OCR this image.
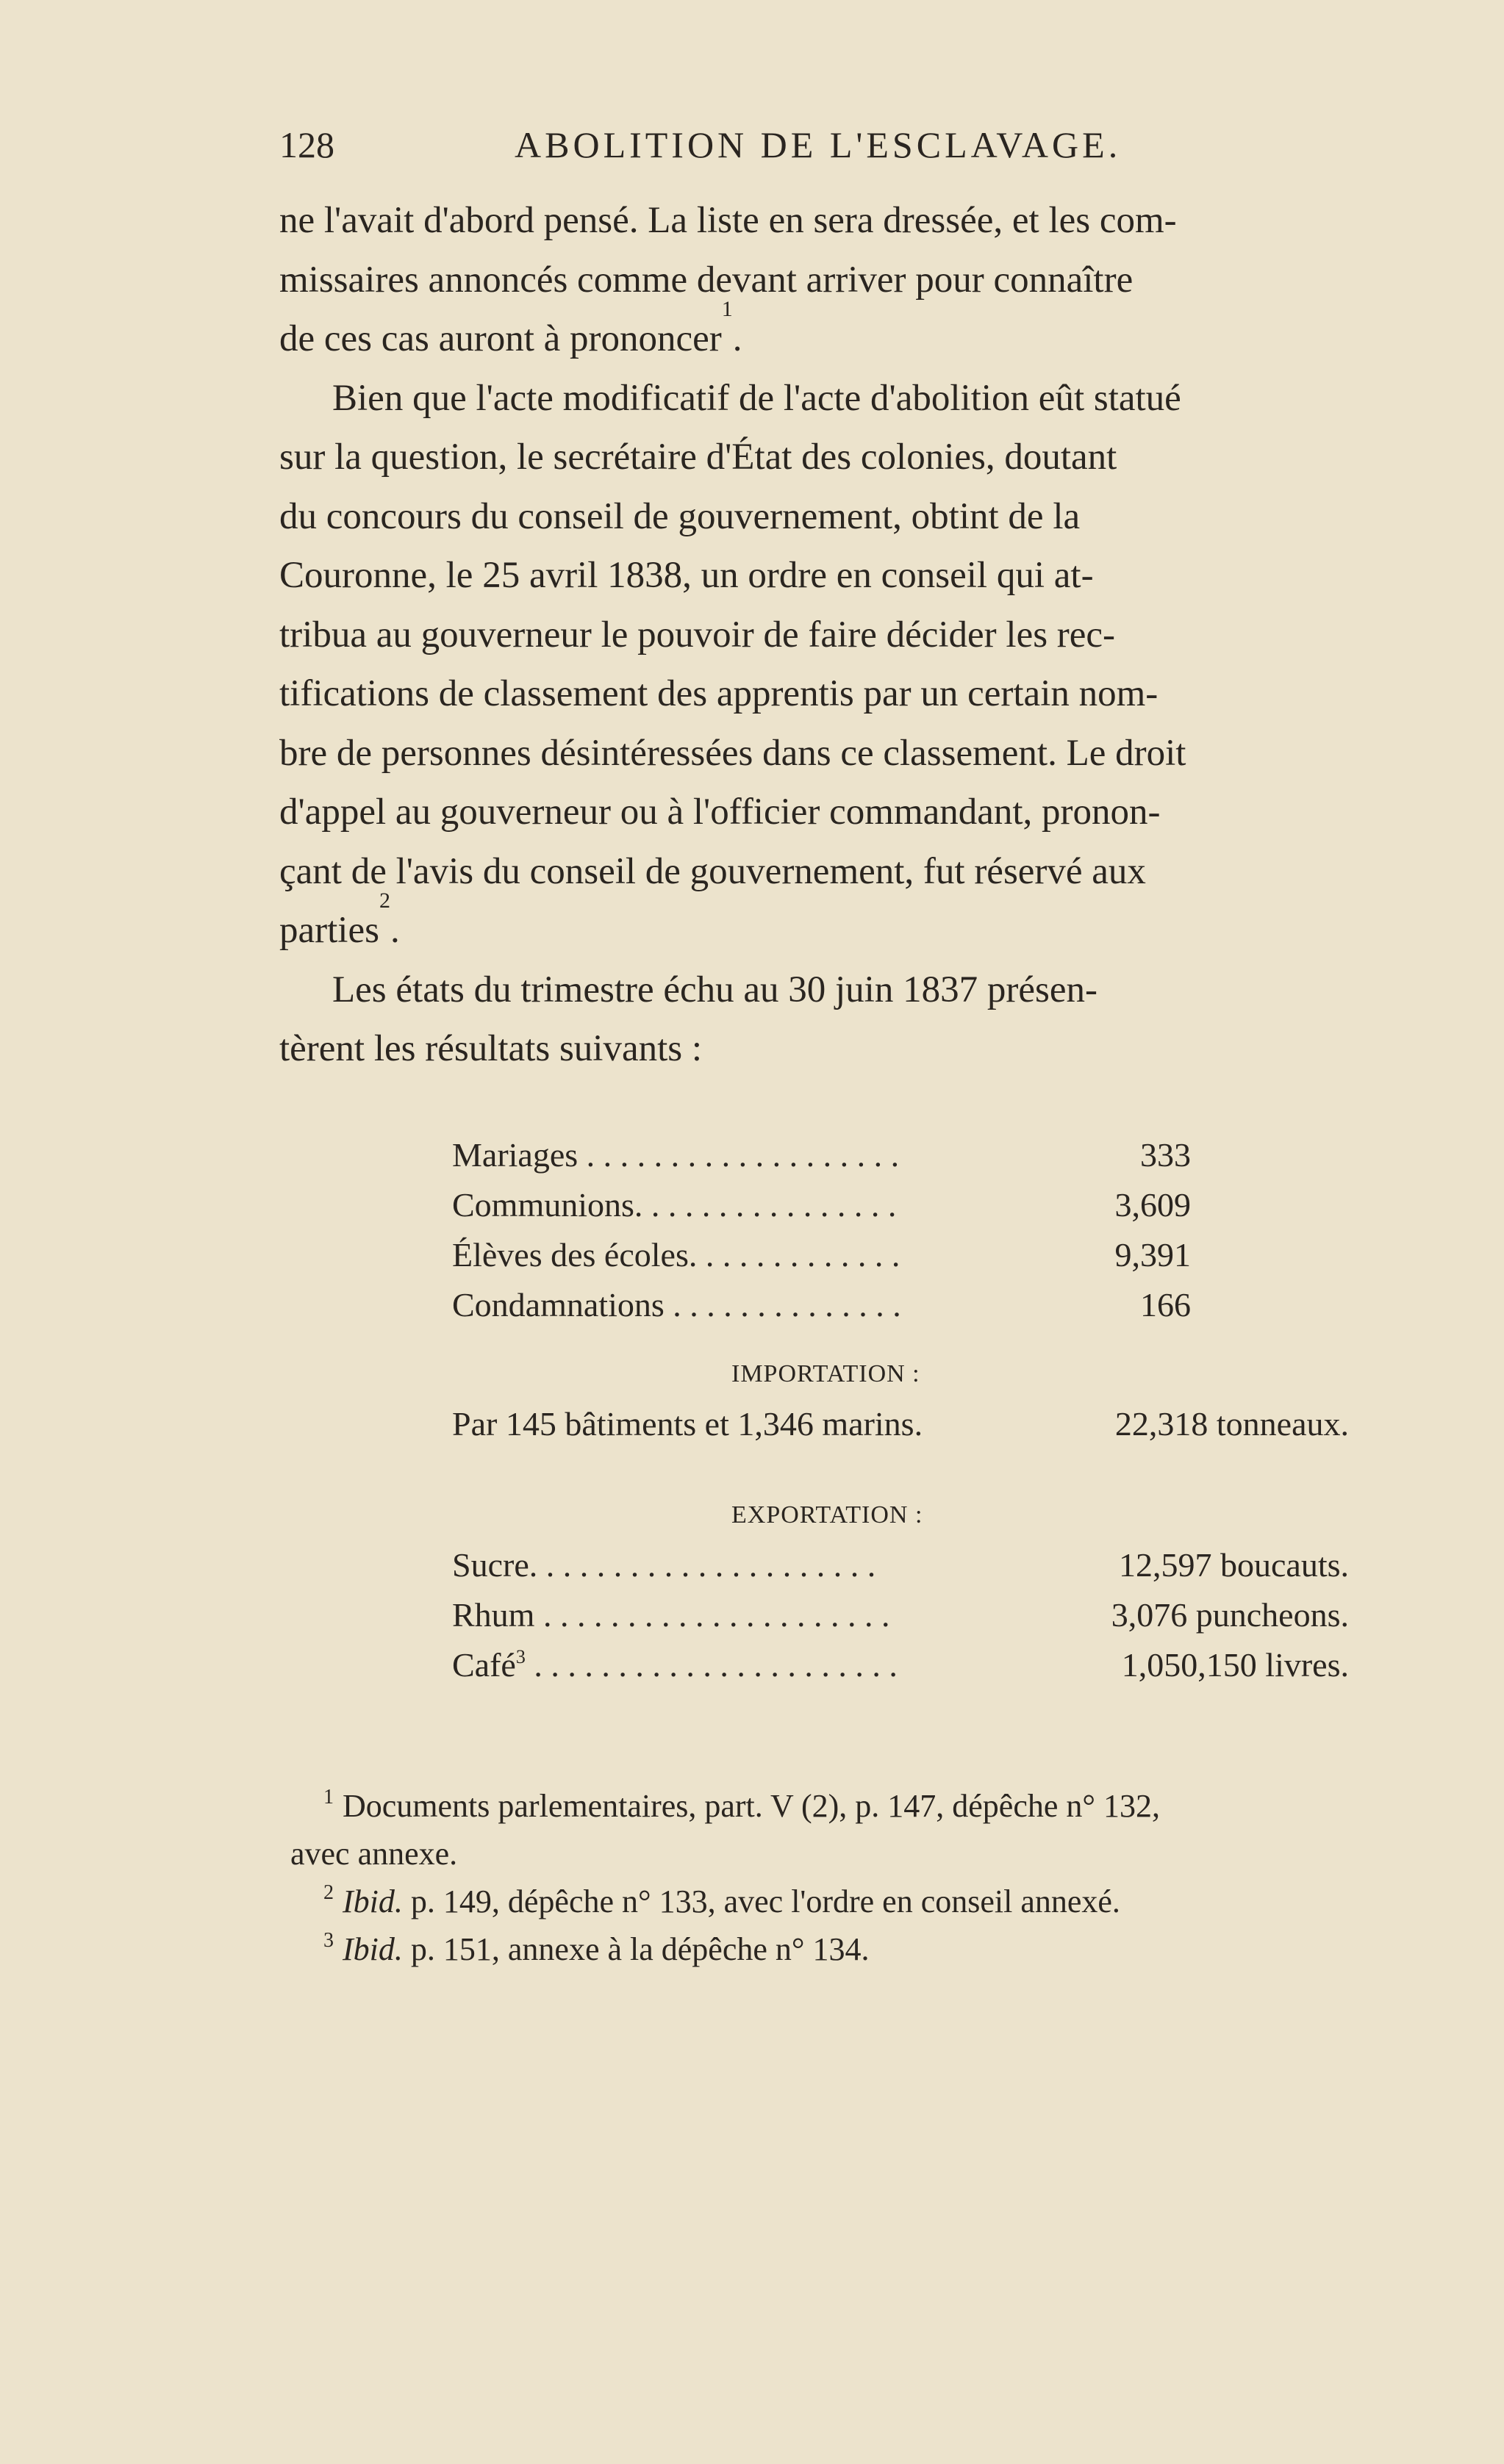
128	ABOLITION DE L'ESCLAVAGE.
ne l'avait d'abord pensé. La liste en sera dressée, et les com-
missaires annoncés comme devant arriver pour connaître
de ces cas auront à prononcer
1
.
Bien que l'acte modificatif de l'acte d'abolition eût statué
sur la question, le secrétaire d'État des colonies, doutant
du concours du conseil de gouvernement, obtint de la
Couronne, le 25 avril 1838, un ordre en conseil qui at-
tribua au gouverneur le pouvoir de faire décider les rec-
tifications de classement des apprentis par un certain nom-
bre de personnes désintéressées dans ce classement. Le droit
d'appel au gouverneur ou à l'officier commandant, pronon-
çant de l'avis du conseil de gouvernement, fut réservé aux
parties
2
.
Les états du trimestre échu au 30 juin 1837 présen-
tèrent les résultats suivants :
Mariages . . . . . . . . . . . . . . . . . . .	333
Communions. . . . . . . . . . . . . . . .	3,609
Élèves des écoles. . . . . . . . . . . . .	9,391
Condamnations . . . . . . . . . . . . . .	166
IMPORTATION :
Par 145 bâtiments et 1,346 marins.	22,318 tonneaux.
EXPORTATION :
Sucre. . . . . . . . . . . . . . . . . . . . .	12,597 boucauts.
Rhum . . . . . . . . . . . . . . . . . . . . .	3,076 puncheons.
Café$^3$ . . . . . . . . . . . . . . . . . . . . . .	1,050,150 livres.
$^1$ Documents parlementaires, part. V (2), p. 147, dépêche n° 132,
avec annexe.
$^2$ Ibid. p. 149, dépêche n° 133, avec l'ordre en conseil annexé.
$^3$ Ibid. p. 151, annexe à la dépêche n° 134.
